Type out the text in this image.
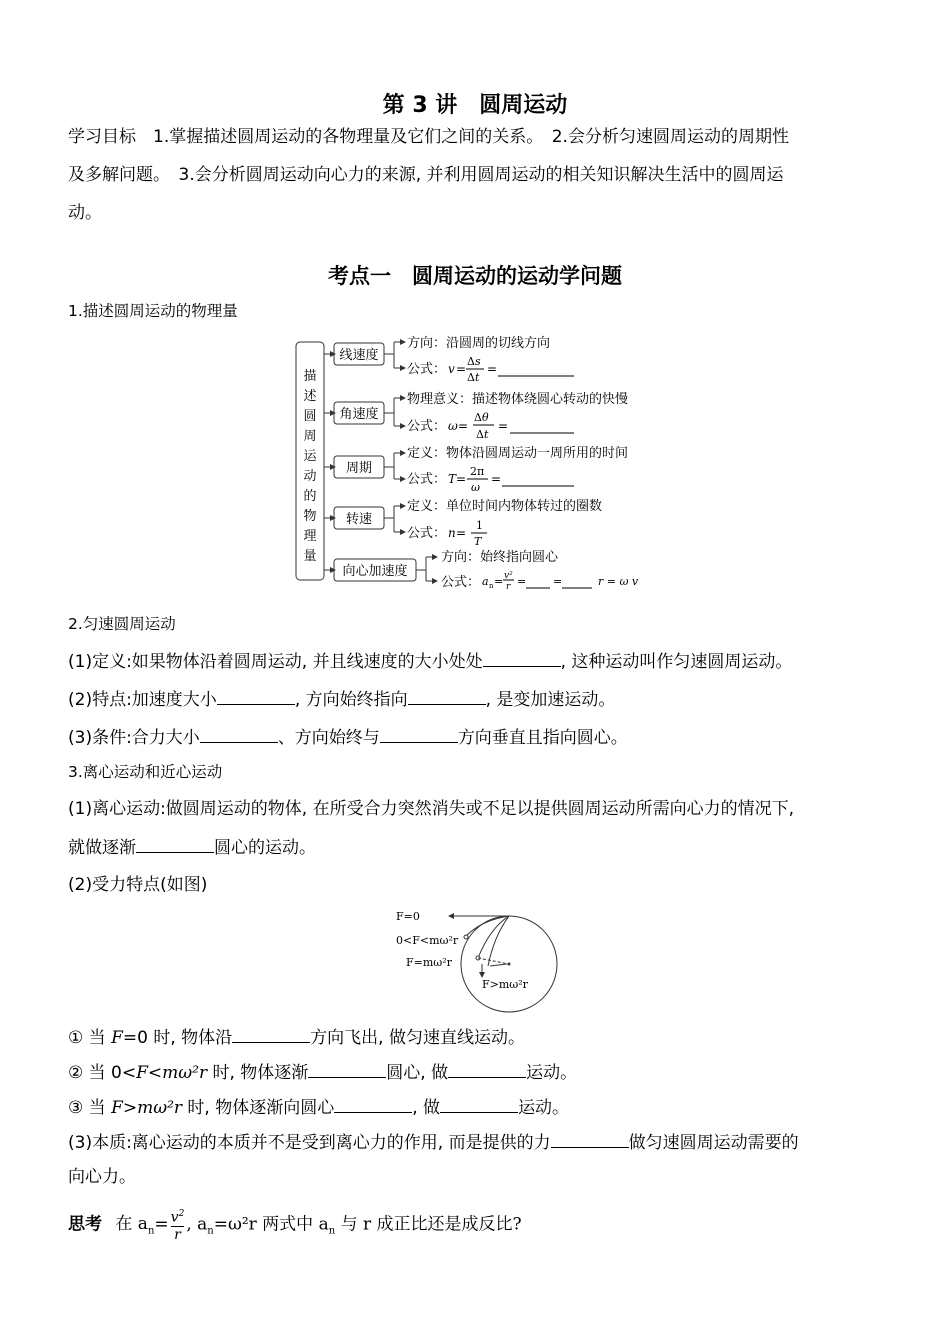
第 3 讲　圆周运动
学习目标　1.掌握描述圆周运动的各物理量及它们之间的关系。　2.会分析匀速圆周运动的周期性
及多解问题。　3.会分析圆周运动向心力的来源, 并利用圆周运动的相关知识解决生活中的圆周运
动。
考点一　圆周运动的运动学问题
1.描述圆周运动的物理量
描
述
圆
周
运
动
的
物
理
量
线速度
角速度
周期
转速
向心加速度
方向：沿圆周的切线方向
公式： v =
Δs
Δt
=
物理意义：描述物体绕圆心转动的快慢
公式： ω =
Δθ
Δt
=
定义：物体沿圆周运动一周所用的时间
公式： T =
2π
ω
=
定义：单位时间内物体转过的圈数
公式： n =
1
T
方向：始终指向圆心
公式： a n = v²
r = =	r = ω v
2.匀速圆周运动
(1)定义:如果物体沿着圆周运动, 并且线速度的大小处处	, 这种运动叫作匀速圆周运动。
(2)特点:加速度大小	, 方向始终指向	, 是变加速运动。
(3)条件:合力大小	、方向始终与	方向垂直且指向圆心。
3.离心运动和近心运动
(1)离心运动:做圆周运动的物体, 在所受合力突然消失或不足以提供圆周运动所需向心力的情况下,
就做逐渐	圆心的运动。
(2)受力特点(如图)
F=0
0<F<mω²r
F=mω²r
F>mω²r
① 当 F=0 时, 物体沿	方向飞出, 做匀速直线运动。
② 当 0<F<mω²r 时, 物体逐渐	圆心, 做	运动。
③ 当 F>mω²r 时, 物体逐渐向圆心	, 做	运动。
(3)本质:离心运动的本质并不是受到离心力的作用, 而是提供的力	做匀速圆周运动需要的
向心力。
思考 在 $a_n= \frac{v^2}{r}$ , $a_n=\omega^2r$ 两式中 $a_n$ 与 r 成正比还是成反比?
